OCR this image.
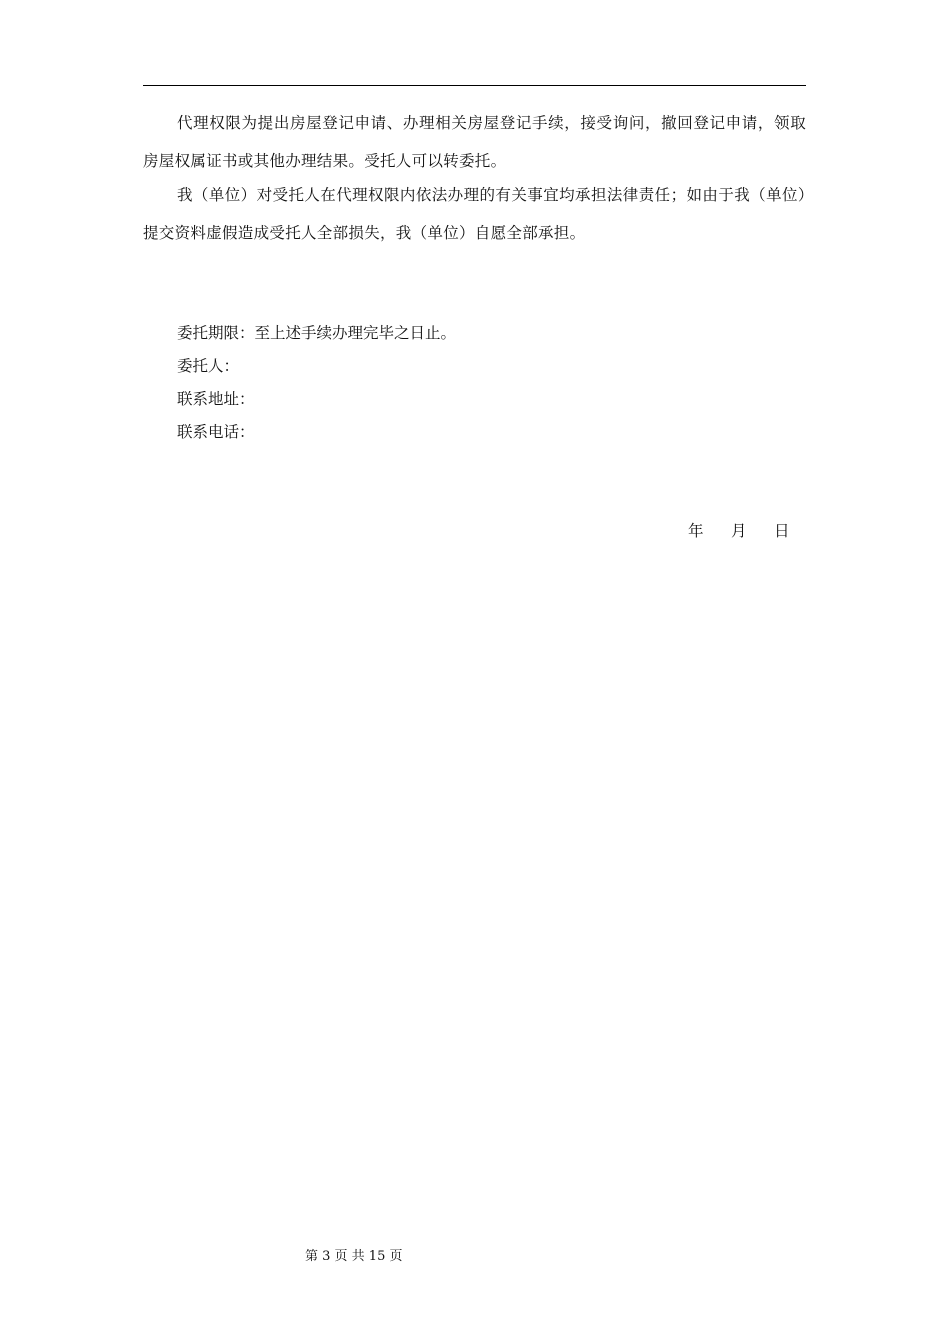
代理权限为提出房屋登记申请、办理相关房屋登记手续，接受询问，撤回登记申请，领取房屋权属证书或其他办理结果。受托人可以转委托。

我（单位）对受托人在代理权限内依法办理的有关事宜均承担法律责任；如由于我（单位）提交资料虚假造成受托人全部损失，我（单位）自愿全部承担。

委托期限：至上述手续办理完毕之日止。
委托人：
联系地址：
联系电话：
年	月	日
第 3 页 共 15 页
